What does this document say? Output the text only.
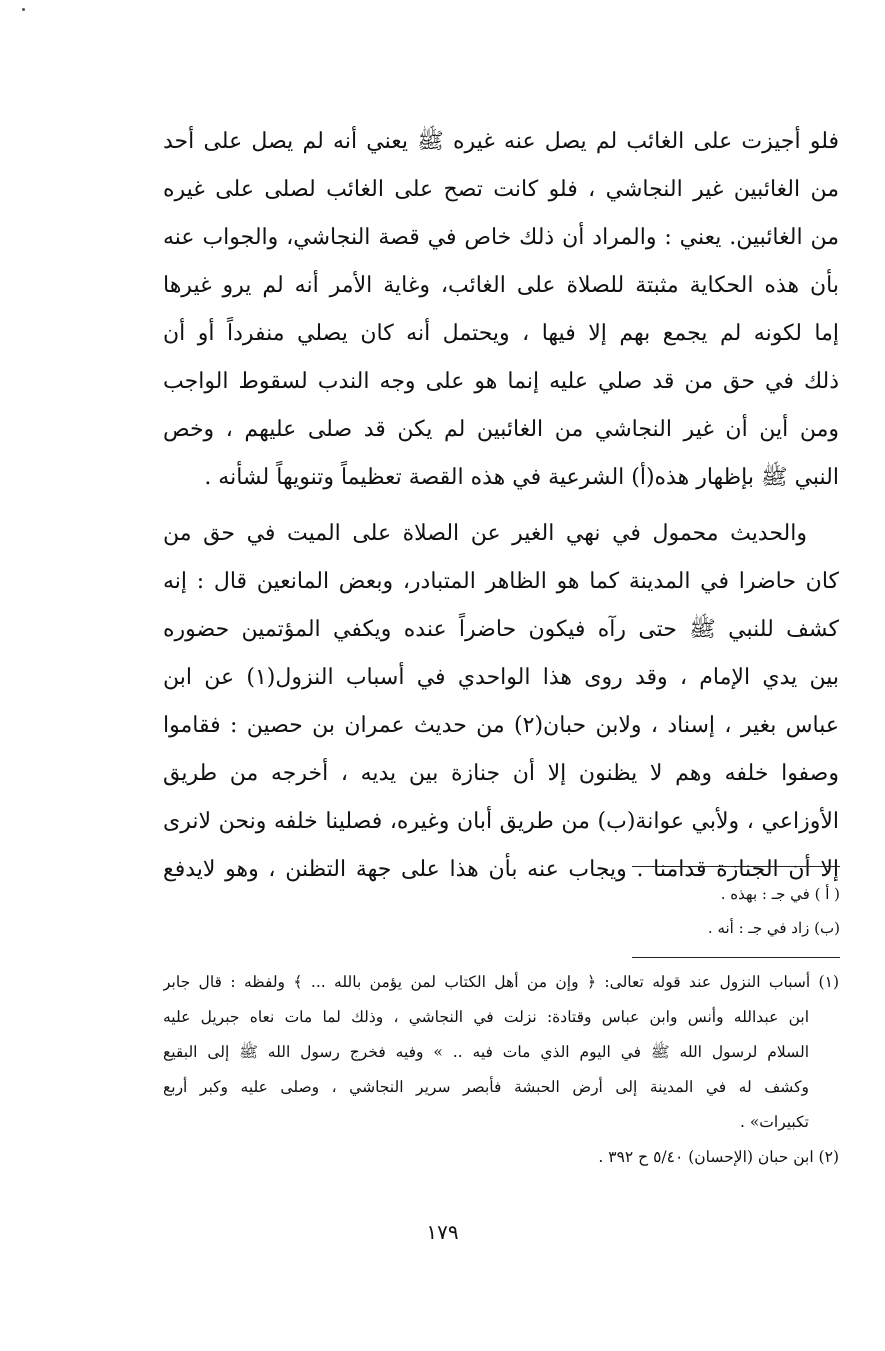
فلو أجيزت على الغائب لم يصل عنه غيره ﷺ يعني أنه لم يصل على أحد
من الغائبين غير النجاشي ، فلو كانت تصح على الغائب لصلى على غيره
من الغائبين. يعني : والمراد أن ذلك خاص في قصة النجاشي، والجواب عنه
بأن هذه الحكاية مثبتة للصلاة على الغائب، وغاية الأمر أنه لم يرو غيرها
إما لكونه لم يجمع بهم إلا فيها ، ويحتمل أنه كان يصلي منفرداً أو أن
ذلك في حق من قد صلي عليه إنما هو على وجه الندب لسقوط الواجب
ومن أين أن غير النجاشي من الغائبين لم يكن قد صلى عليهم ، وخص
النبي ﷺ بإظهار هذه(أ) الشرعية في هذه القصة تعظيماً وتنويهاً لشأنه .
والحديث محمول في نهي الغير عن الصلاة على الميت في حق من
كان حاضرا في المدينة كما هو الظاهر المتبادر، وبعض المانعين قال : إنه
كشف للنبي ﷺ حتى رآه فيكون حاضراً عنده ويكفي المؤتمين حضوره
بين يدي الإمام ، وقد روى هذا الواحدي في أسباب النزول(١) عن ابن
عباس بغير ، إسناد ، ولابن حبان(٢) من حديث عمران بن حصين : فقاموا
وصفوا خلفه وهم لا يظنون إلا أن جنازة بين يديه ، أخرجه من طريق
الأوزاعي ، ولأبي عوانة(ب) من طريق أبان وغيره، فصلينا خلفه ونحن لانرى
إلا أن الجنازة قدامنا . ويجاب عنه بأن هذا على جهة التظنن ، وهو لايدفع
( أ ) في جـ : بهذه .
(ب) زاد في جـ : أنه .
(١) أسباب النزول عند قوله تعالى: ﴿ وإن من أهل الكتاب لمن يؤمن بالله ... ﴾ ولفظه : قال جابر
ابن عبدالله وأنس وابن عباس وقتادة: نزلت في النجاشي ، وذلك لما مات نعاه جبريل عليه
السلام لرسول الله ﷺ في اليوم الذي مات فيه .. » وفيه فخرج رسول الله ﷺ إلى البقيع
وكشف له في المدينة إلى أرض الحبشة فأبصر سرير النجاشي ، وصلى عليه وكبر أربع
تكبيرات» .
(٢) ابن حبان (الإحسان) ٥/٤٠ ح ٣٩٢ .
١٧٩
